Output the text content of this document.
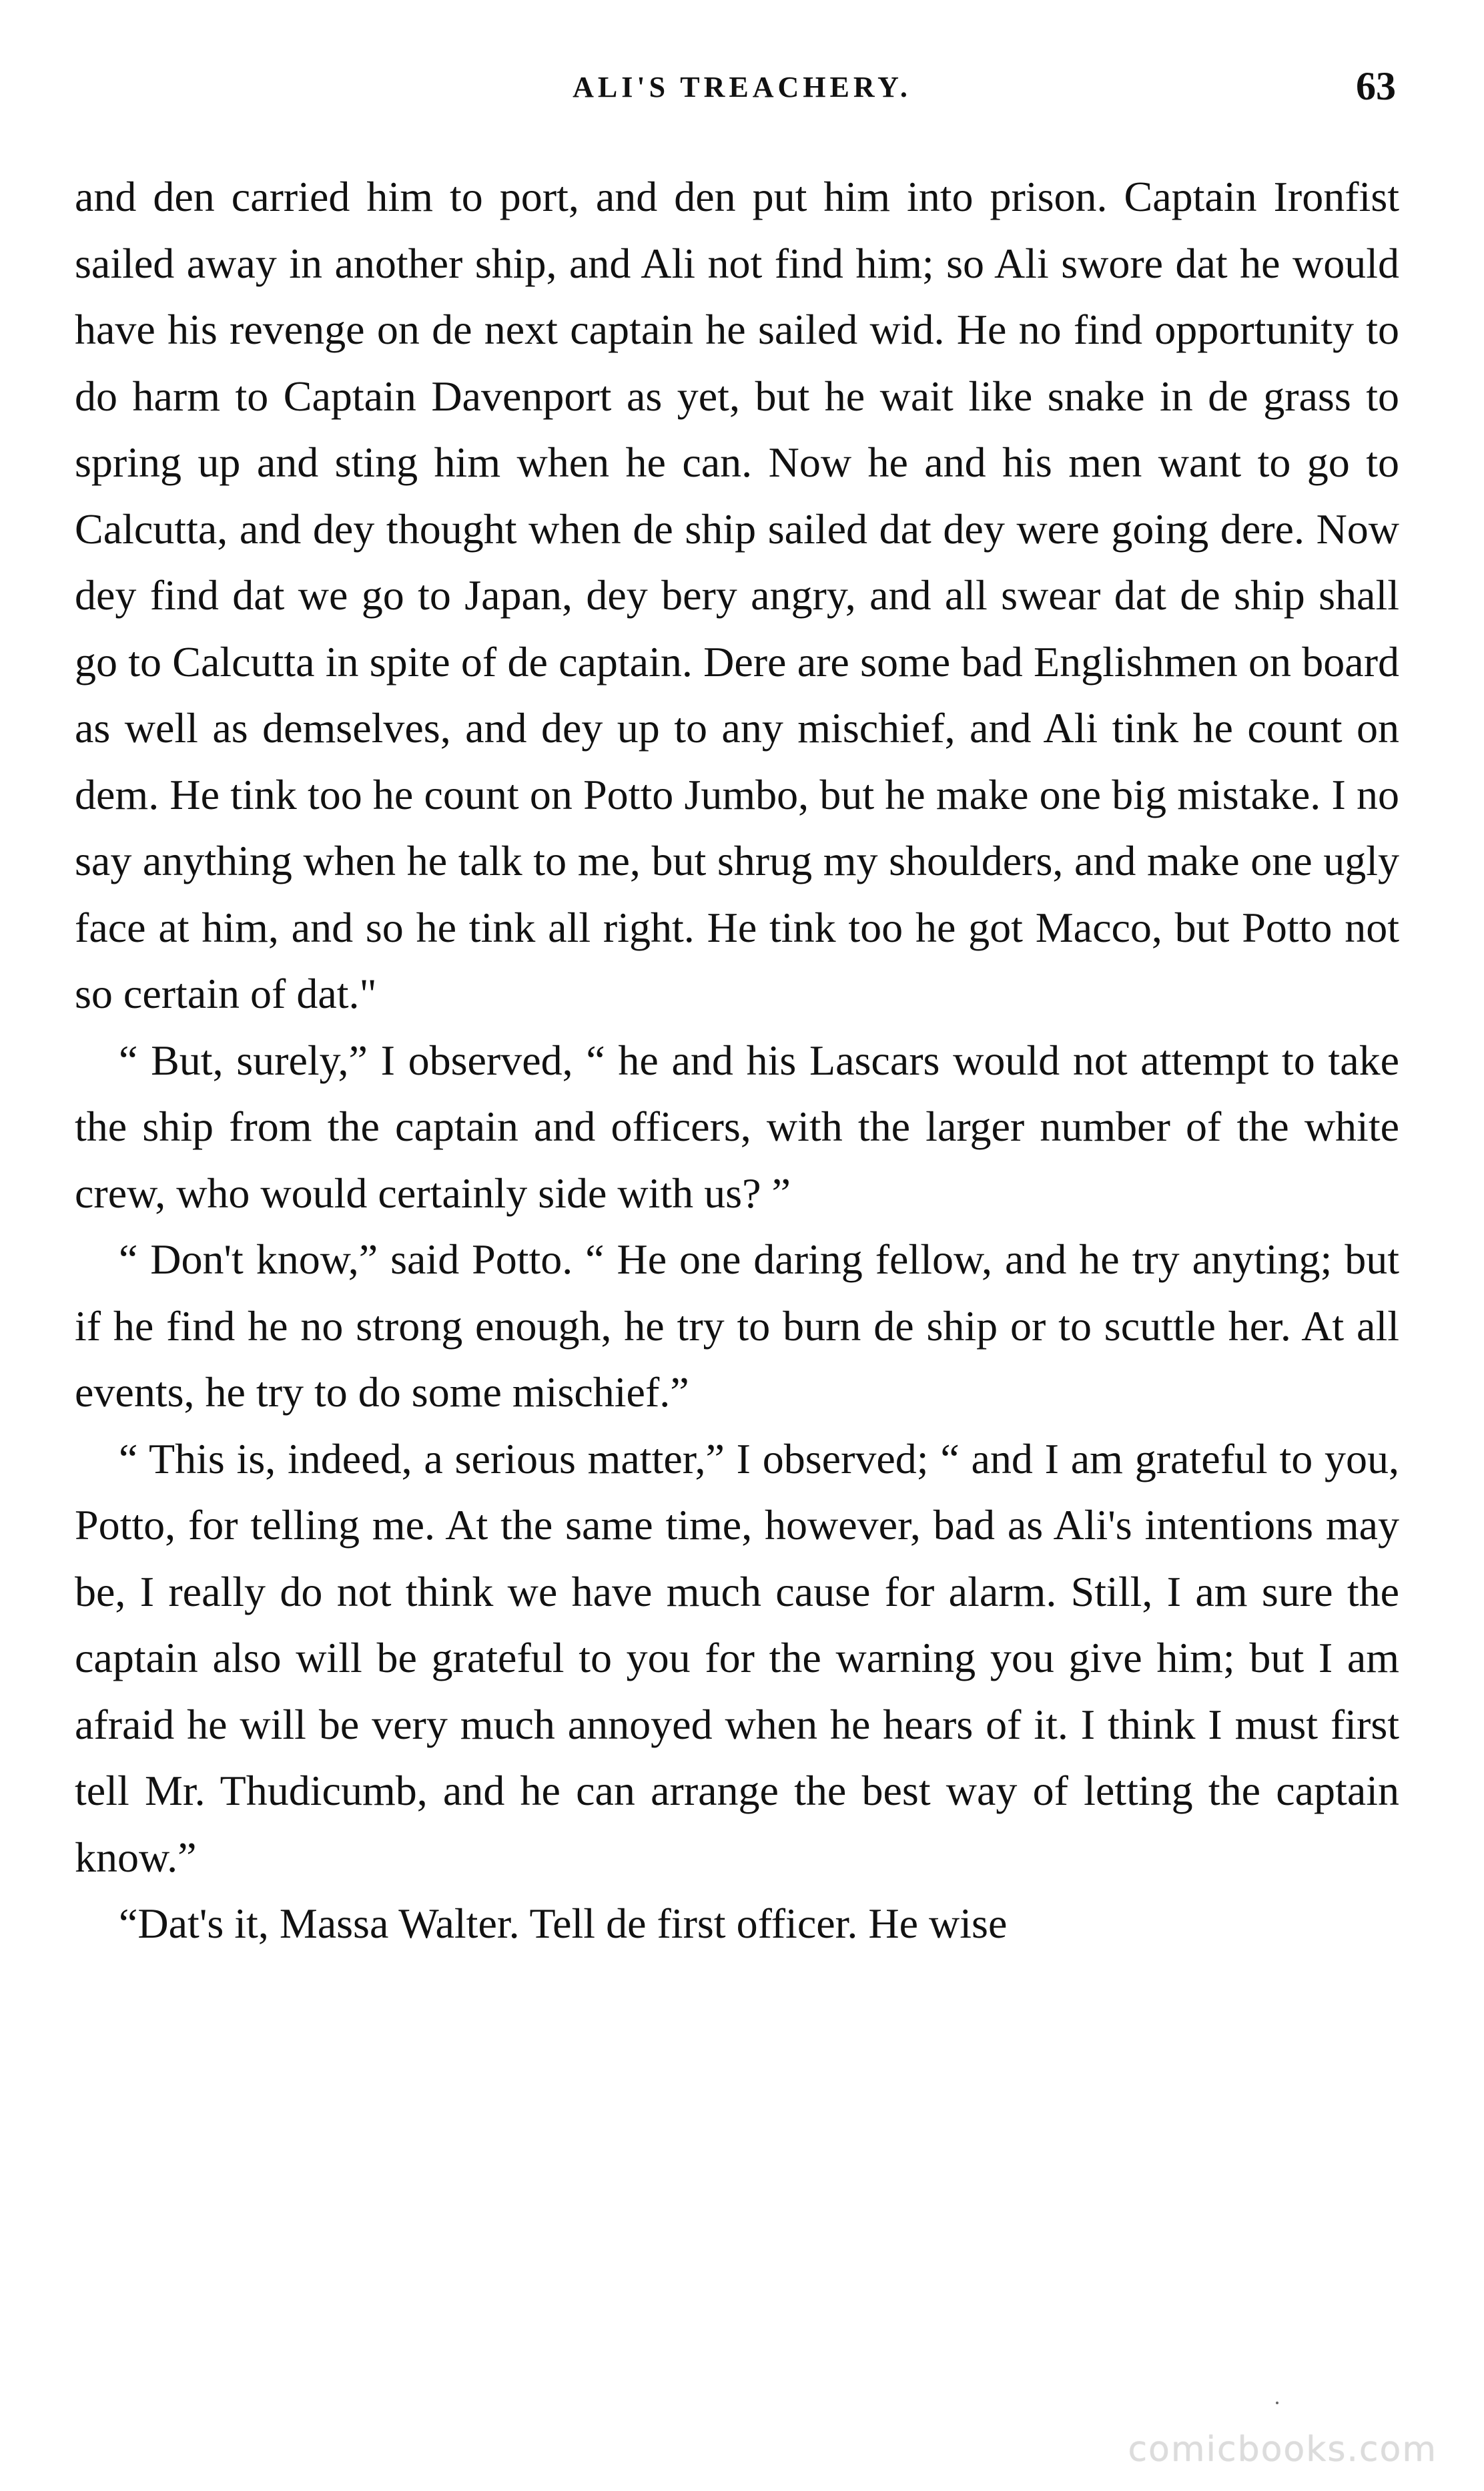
ALI'S TREACHERY.	63

and den carried him to port, and den put him into prison. Captain Ironfist sailed away in another ship, and Ali not find him; so Ali swore dat he would have his revenge on de next captain he sailed wid. He no find opportunity to do harm to Captain Davenport as yet, but he wait like snake in de grass to spring up and sting him when he can. Now he and his men want to go to Calcutta, and dey thought when de ship sailed dat dey were going dere. Now dey find dat we go to Japan, dey bery angry, and all swear dat de ship shall go to Calcutta in spite of de captain. Dere are some bad Englishmen on board as well as demselves, and dey up to any mischief, and Ali tink he count on dem. He tink too he count on Potto Jumbo, but he make one big mistake. I no say anything when he talk to me, but shrug my shoulders, and make one ugly face at him, and so he tink all right. He tink too he got Macco, but Potto not so certain of dat."

“ But, surely,” I observed, “ he and his Lascars would not attempt to take the ship from the captain and officers, with the larger number of the white crew, who would certainly side with us? ”

“ Don't know,” said Potto. “ He one daring fellow, and he try anyting; but if he find he no strong enough, he try to burn de ship or to scuttle her. At all events, he try to do some mischief.”

“ This is, indeed, a serious matter,” I observed; “ and I am grateful to you, Potto, for telling me. At the same time, however, bad as Ali's intentions may be, I really do not think we have much cause for alarm. Still, I am sure the captain also will be grateful to you for the warning you give him; but I am afraid he will be very much annoyed when he hears of it. I think I must first tell Mr. Thudicumb, and he can arrange the best way of letting the captain know.”

“Dat's it, Massa Walter. Tell de first officer. He wise

comicbooks.com
